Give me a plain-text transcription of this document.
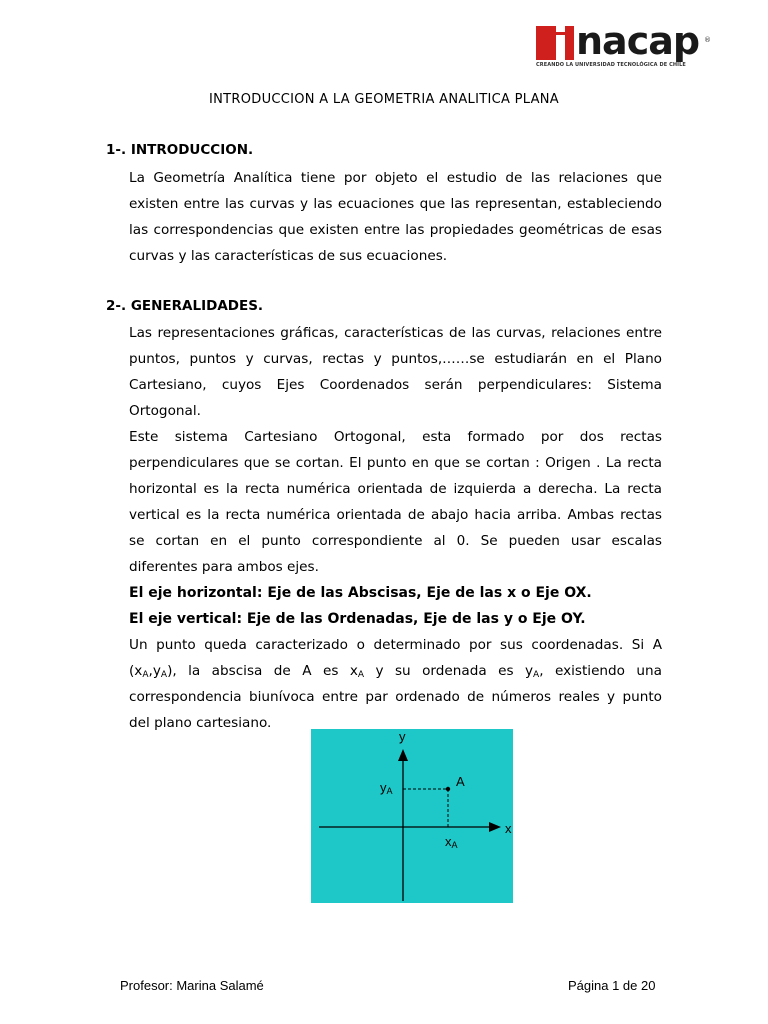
nacap ®
CREANDO LA UNIVERSIDAD TECNOLÓGICA DE CHILE
INTRODUCCION A LA GEOMETRIA ANALITICA PLANA
1-. INTRODUCCION.
La Geometría Analítica tiene por objeto el estudio de las relaciones que
existen entre las curvas y las ecuaciones que las representan, estableciendo
las correspondencias que existen entre las propiedades geométricas de esas
curvas y las características de sus ecuaciones.
2-. GENERALIDADES.
Las representaciones gráficas, características de las curvas, relaciones entre
puntos, puntos y curvas, rectas y puntos,……se estudiarán en el Plano
Cartesiano, cuyos Ejes Coordenados serán perpendiculares: Sistema
Ortogonal.
Este sistema Cartesiano Ortogonal, esta formado por dos rectas
perpendiculares que se cortan. El punto en que se cortan : Origen . La recta
horizontal es la recta numérica orientada de izquierda a derecha. La recta
vertical es la recta numérica orientada de abajo hacia arriba. Ambas rectas
se cortan en el punto correspondiente al 0. Se pueden usar escalas
diferentes para ambos ejes.
El eje horizontal: Eje de las Abscisas, Eje de las x o Eje OX.
El eje vertical: Eje de las Ordenadas, Eje de las y o Eje OY.
Un punto queda caracterizado o determinado por sus coordenadas. Si A
$(x_A,y_A)$, la abscisa de A es $x_A$ y su ordenada es $y_A$, existiendo una
correspondencia biunívoca entre par ordenado de números reales y punto
del plano cartesiano.
y
x
A
$y_A$
$x_A$
Profesor: Marina Salamé	Página 1 de 20
